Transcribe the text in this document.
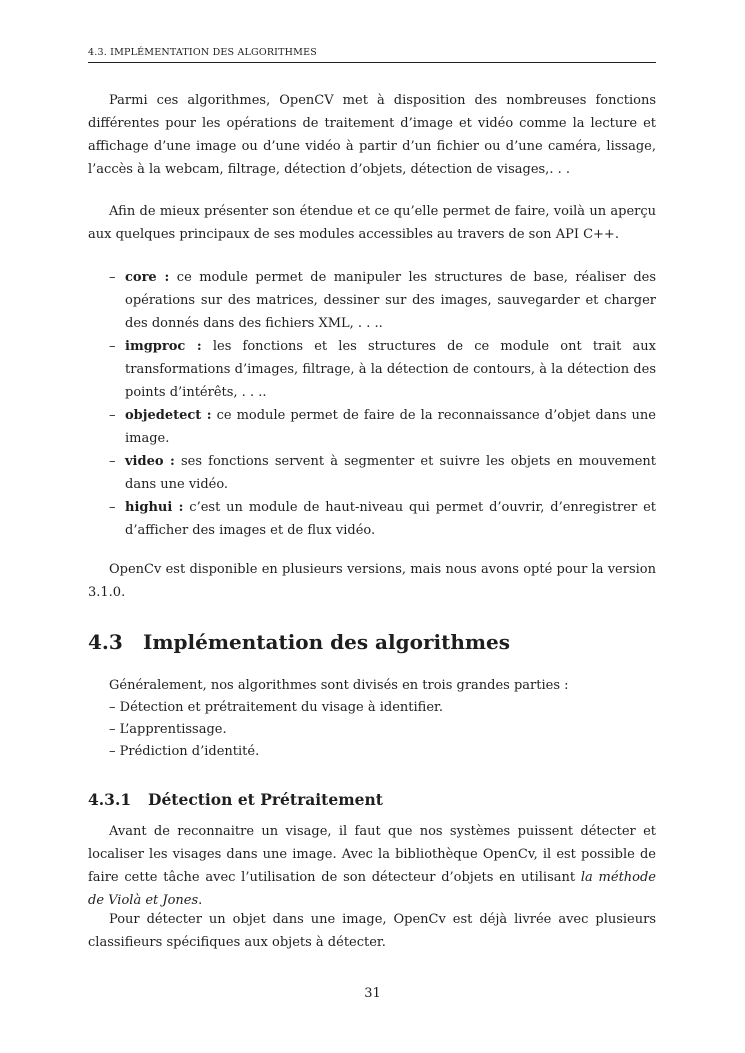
4.3. IMPLÉMENTATION DES ALGORITHMES

Parmi ces algorithmes, OpenCV met à disposition des nombreuses fonctions différentes pour les opérations de traitement d’image et vidéo comme la lecture et affichage d’une image ou d’une vidéo à partir d’un fichier ou d’une caméra, lissage, l’accès à la webcam, filtrage, détection d’objets, détection de visages,. . .

Afin de mieux présenter son étendue et ce qu’elle permet de faire, voilà un aperçu aux quelques principaux de ses modules accessibles au travers de son API C++.

– core : ce module permet de manipuler les structures de base, réaliser des opérations sur des matrices, dessiner sur des images, sauvegarder et charger des donnés dans des fichiers XML, . . ..
– imgproc : les fonctions et les structures de ce module ont trait aux transformations d’images, filtrage, à la détection de contours, à la détection des points d’intérêts, . . ..
– objedetect : ce module permet de faire de la reconnaissance d’objet dans une image.
– video : ses fonctions servent à segmenter et suivre les objets en mouvement dans une vidéo.
– highui : c’est un module de haut-niveau qui permet d’ouvrir, d’enregistrer et d’afficher des images et de flux vidéo.

OpenCv est disponible en plusieurs versions, mais nous avons opté pour la version 3.1.0.

4.3 Implémentation des algorithmes

Généralement, nos algorithmes sont divisés en trois grandes parties :

– Détection et prétraitement du visage à identifier.
– L’apprentissage.
– Prédiction d’identité.
4.3.1 Détection et Prétraitement

Avant de reconnaitre un visage, il faut que nos systèmes puissent détecter et localiser les visages dans une image. Avec la bibliothèque OpenCv, il est possible de faire cette tâche avec l’utilisation de son détecteur d’objets en utilisant la méthode de Violà et Jones.

Pour détecter un objet dans une image, OpenCv est déjà livrée avec plusieurs classifieurs spécifiques aux objets à détecter.

31
